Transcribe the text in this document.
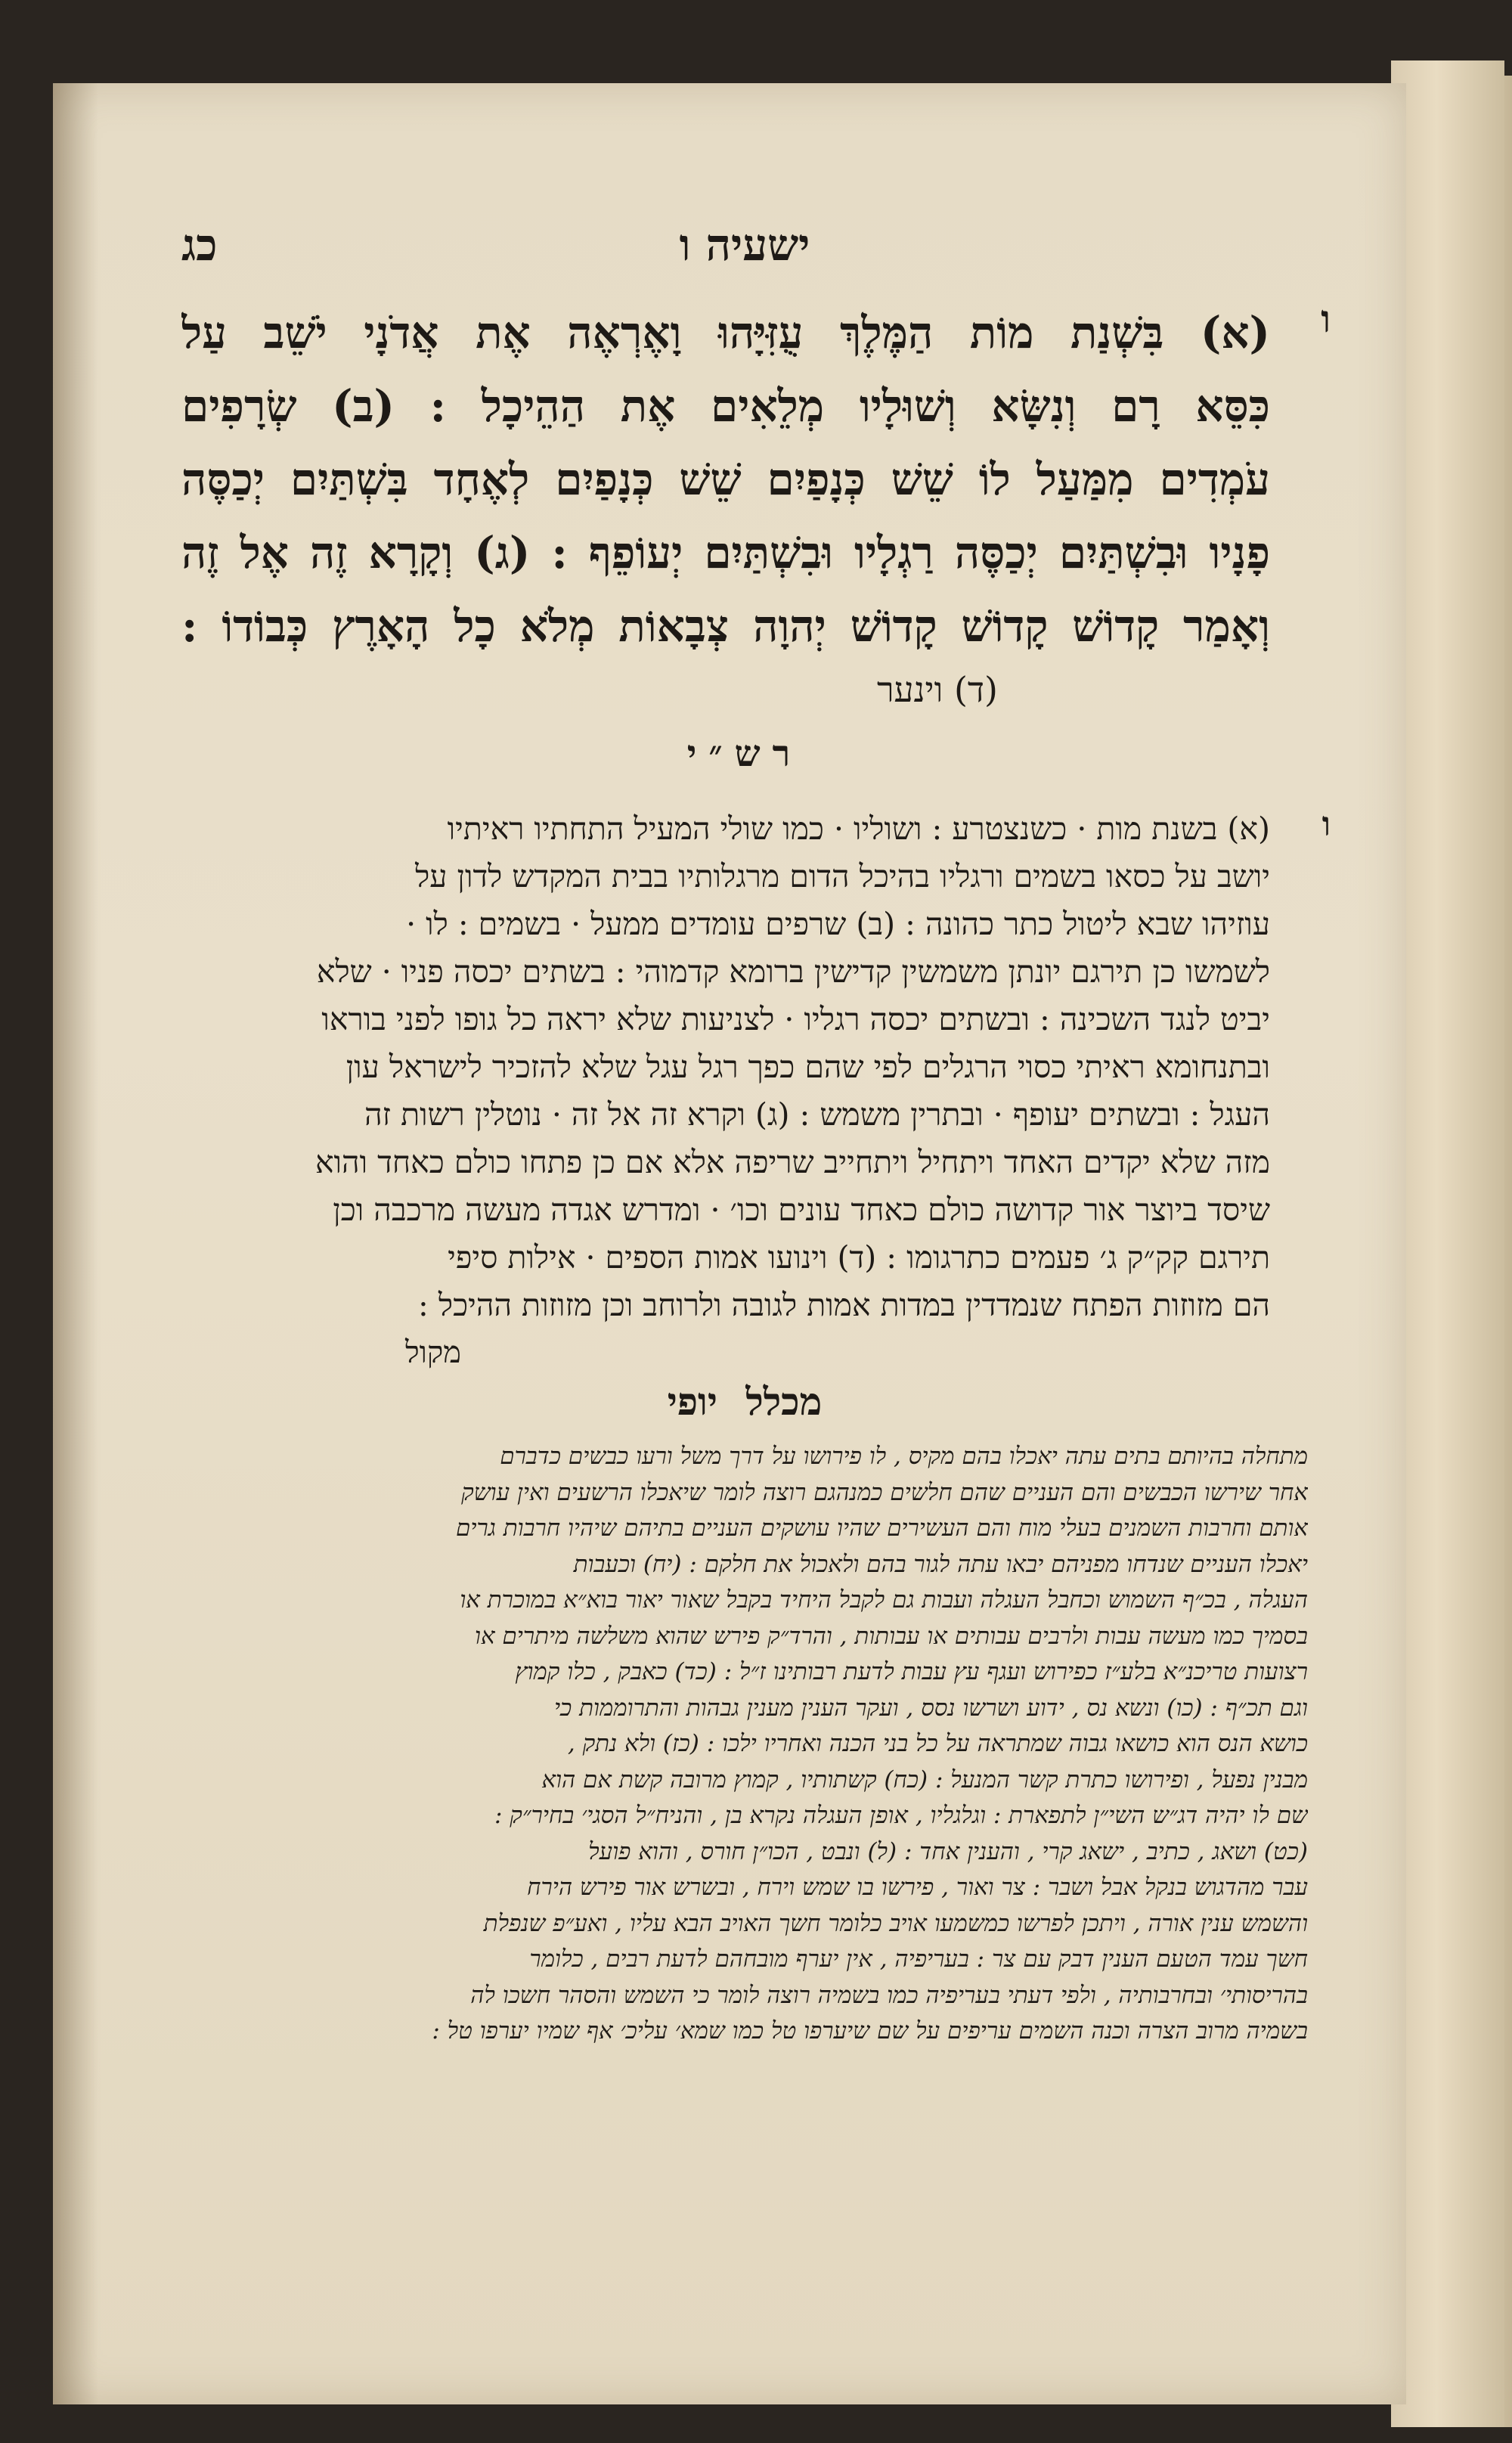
ישעיה ו
כג
ו
(א) בִּשְׁנַת מוֹת הַמֶּלֶךְ עֻזִּיָּהוּ וָאֶרְאֶה אֶת אֲדֹנָי יֹשֵׁב עַל
כִּסֵּא רָם וְנִשָּׂא וְשׁוּלָיו מְלֵאִים אֶת הַהֵיכָל : (ב) שְׂרָפִים
עֹמְדִים מִמַּעַל לוֹ שֵׁשׁ כְּנָפַיִם שֵׁשׁ כְּנָפַיִם לְאֶחָד בִּשְׁתַּיִם יְכַסֶּה
פָנָיו וּבִשְׁתַּיִם יְכַסֶּה רַגְלָיו וּבִשְׁתַּיִם יְעוֹפֵף : (ג) וְקָרָא זֶה אֶל זֶה
וְאָמַר קָדוֹשׁ קָדוֹשׁ קָדוֹשׁ יְהוָה צְבָאוֹת מְלֹא כָל הָאָרֶץ כְּבוֹדוֹ :
(ד) וינער
רש״י
ו
(א) בשנת מות · כשנצטרע : ושוליו · כמו שולי המעיל התחתיו ראיתיו
יושב על כסאו בשמים ורגליו בהיכל הדום מרגלותיו בבית המקדש לדון על
עוזיהו שבא ליטול כתר כהונה : (ב) שרפים עומדים ממעל · בשמים : לו ·
לשמשו כן תירגם יונתן משמשין קדישין ברומא קדמוהי : בשתים יכסה פניו · שלא
יביט לנגד השכינה : ובשתים יכסה רגליו · לצניעות שלא יראה כל גופו לפני בוראו
ובתנחומא ראיתי כסוי הרגלים לפי שהם כפך רגל עגל שלא להזכיר לישראל עון
העגל : ובשתים יעופף · ובתרין משמש : (ג) וקרא זה אל זה · נוטלין רשות זה
מזה שלא יקדים האחד ויתחיל ויתחייב שריפה אלא אם כן פתחו כולם כאחד והוא
שיסד ביוצר אור קדושה כולם כאחד עונים וכו׳ · ומדרש אגדה מעשה מרכבה וכן
תירגם קק״ק ג׳ פעמים כתרגומו : (ד) וינועו אמות הספים · אילות סיפי
הם מזוזות הפתח שנמדדין במדות אמות לגובה ולרוחב וכן מזוזות ההיכל :
מקול
מכלל יופי
מתחלה בהיותם בתים עתה יאכלו בהם מקיס , לו פירושו על דרך משל ורעו כבשים כדברם
אחר שירשו הכבשים והם העניים שהם חלשים כמנהגם רוצה לומר שיאכלו הרשעים ואין עושק
אותם וחרבות השמנים בעלי מוח והם העשירים שהיו עושקים העניים בתיהם שיהיו חרבות גרים
יאכלו העניים שנדחו מפניהם יבאו עתה לגור בהם ולאכול את חלקם : (יח) וכעבות
העגלה , בכ״ף השמוש וכחבל העגלה ועבות גם לקבל היחיד בקבל שאור יאור בוא״א במוכרת או
בסמיך כמו מעשה עבות ולרבים עבותים או עבותות , והרד״ק פירש שהוא משלשה מיתרים או
רצועות טריכנ״א בלע״ז כפירוש ועגף עץ עבות לדעת רבותינו ז״ל : (כד) כאבק , כלו קמוץ
וגם תכ״ף : (כו) ונשא נס , ידוע ושרשו נסס , ועקר הענין מענין גבהות והתרוממות כי
כושא הנס הוא כושאו גבוה שמתראה על כל בני הכנה ואחריו ילכו : (כז) ולא נתק ,
מבנין נפעל , ופירושו כתרת קשר המנעל : (כח) קשתותיו , קמוץ מרובה קשת אם הוא
שם לו יהיה דג״ש השי״ן לתפארת : וגלגליו , אופן העגלה נקרא בן , והניח״ל הסגי׳ בחיר״ק :
(כט) ושאג , כתיב , ישאג קרי , והענין אחד : (ל) ונבט , הכו״ן חורס , והוא פועל
עבר מהדגוש בנקל אבל ושבר : צר ואור , פירשו בו שמש וירח , ובשרש אור פירש הירח
והשמש ענין אורה , ויתכן לפרשו כמשמעו אויב כלומר חשך האויב הבא עליו , ואע״פ שנפלת
חשך עמד הטעם הענין דבק עם צר : בעריפיה , אין יערף מובחהם לדעת רבים , כלומר
בהריסותי׳ ובחרבותיה , ולפי דעתי בעריפיה כמו בשמיה רוצה לומר כי השמש והסהר חשכו לה
בשמיה מרוב הצרה וכנה השמים עריפים על שם שיערפו טל כמו שמא׳ עליכ׳ אף שמיו יערפו טל :
